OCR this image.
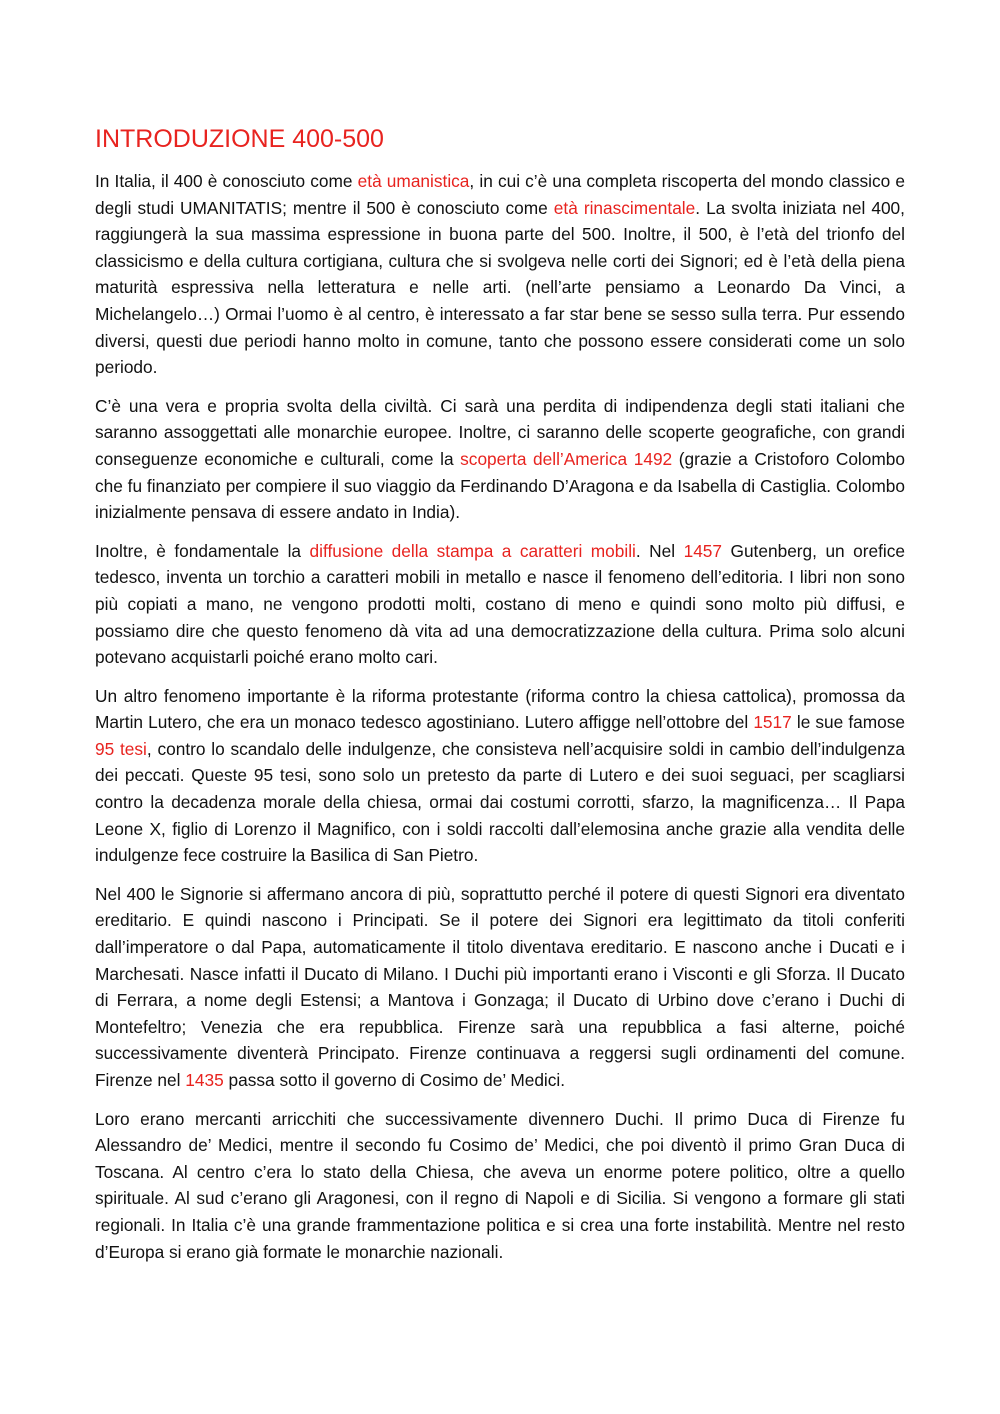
INTRODUZIONE 400-500

In Italia, il 400 è conosciuto come età umanistica, in cui c’è una completa riscoperta del mondo classico e degli studi UMANITATIS; mentre il 500 è conosciuto come età rinascimentale. La svolta iniziata nel 400, raggiungerà la sua massima espressione in buona parte del 500. Inoltre, il 500, è l’età del trionfo del classicismo e della cultura cortigiana, cultura che si svolgeva nelle corti dei Signori; ed è l’età della piena maturità espressiva nella letteratura e nelle arti. (nell’arte pensiamo a Leonardo Da Vinci, a Michelangelo…) Ormai l’uomo è al centro, è interessato a far star bene se sesso sulla terra. Pur essendo diversi, questi due periodi hanno molto in comune, tanto che possono essere considerati come un solo periodo.

C’è una vera e propria svolta della civiltà. Ci sarà una perdita di indipendenza degli stati italiani che saranno assoggettati alle monarchie europee. Inoltre, ci saranno delle scoperte geografiche, con grandi conseguenze economiche e culturali, come la scoperta dell’America 1492 (grazie a Cristoforo Colombo che fu finanziato per compiere il suo viaggio da Ferdinando D’Aragona e da Isabella di Castiglia. Colombo inizialmente pensava di essere andato in India).

Inoltre, è fondamentale la diffusione della stampa a caratteri mobili. Nel 1457 Gutenberg, un orefice tedesco, inventa un torchio a caratteri mobili in metallo e nasce il fenomeno dell’editoria. I libri non sono più copiati a mano, ne vengono prodotti molti, costano di meno e quindi sono molto più diffusi, e possiamo dire che questo fenomeno dà vita ad una democratizzazione della cultura. Prima solo alcuni potevano acquistarli poiché erano molto cari.

Un altro fenomeno importante è la riforma protestante (riforma contro la chiesa cattolica), promossa da Martin Lutero, che era un monaco tedesco agostiniano. Lutero affigge nell’ottobre del 1517 le sue famose 95 tesi, contro lo scandalo delle indulgenze, che consisteva nell’acquisire soldi in cambio dell’indulgenza dei peccati. Queste 95 tesi, sono solo un pretesto da parte di Lutero e dei suoi seguaci, per scagliarsi contro la decadenza morale della chiesa, ormai dai costumi corrotti, sfarzo, la magnificenza… Il Papa Leone X, figlio di Lorenzo il Magnifico, con i soldi raccolti dall’elemosina anche grazie alla vendita delle indulgenze fece costruire la Basilica di San Pietro.

Nel 400 le Signorie si affermano ancora di più, soprattutto perché il potere di questi Signori era diventato ereditario. E quindi nascono i Principati. Se il potere dei Signori era legittimato da titoli conferiti dall’imperatore o dal Papa, automaticamente il titolo diventava ereditario. E nascono anche i Ducati e i Marchesati. Nasce infatti il Ducato di Milano. I Duchi più importanti erano i Visconti e gli Sforza. Il Ducato di Ferrara, a nome degli Estensi; a Mantova i Gonzaga; il Ducato di Urbino dove c’erano i Duchi di Montefeltro; Venezia che era repubblica. Firenze sarà una repubblica a fasi alterne, poiché successivamente diventerà Principato. Firenze continuava a reggersi sugli ordinamenti del comune. Firenze nel 1435 passa sotto il governo di Cosimo de’ Medici.

Loro erano mercanti arricchiti che successivamente divennero Duchi. Il primo Duca di Firenze fu Alessandro de’ Medici, mentre il secondo fu Cosimo de’ Medici, che poi diventò il primo Gran Duca di Toscana. Al centro c’era lo stato della Chiesa, che aveva un enorme potere politico, oltre a quello spirituale. Al sud c’erano gli Aragonesi, con il regno di Napoli e di Sicilia. Si vengono a formare gli stati regionali. In Italia c’è una grande frammentazione politica e si crea una forte instabilità. Mentre nel resto d’Europa si erano già formate le monarchie nazionali.
